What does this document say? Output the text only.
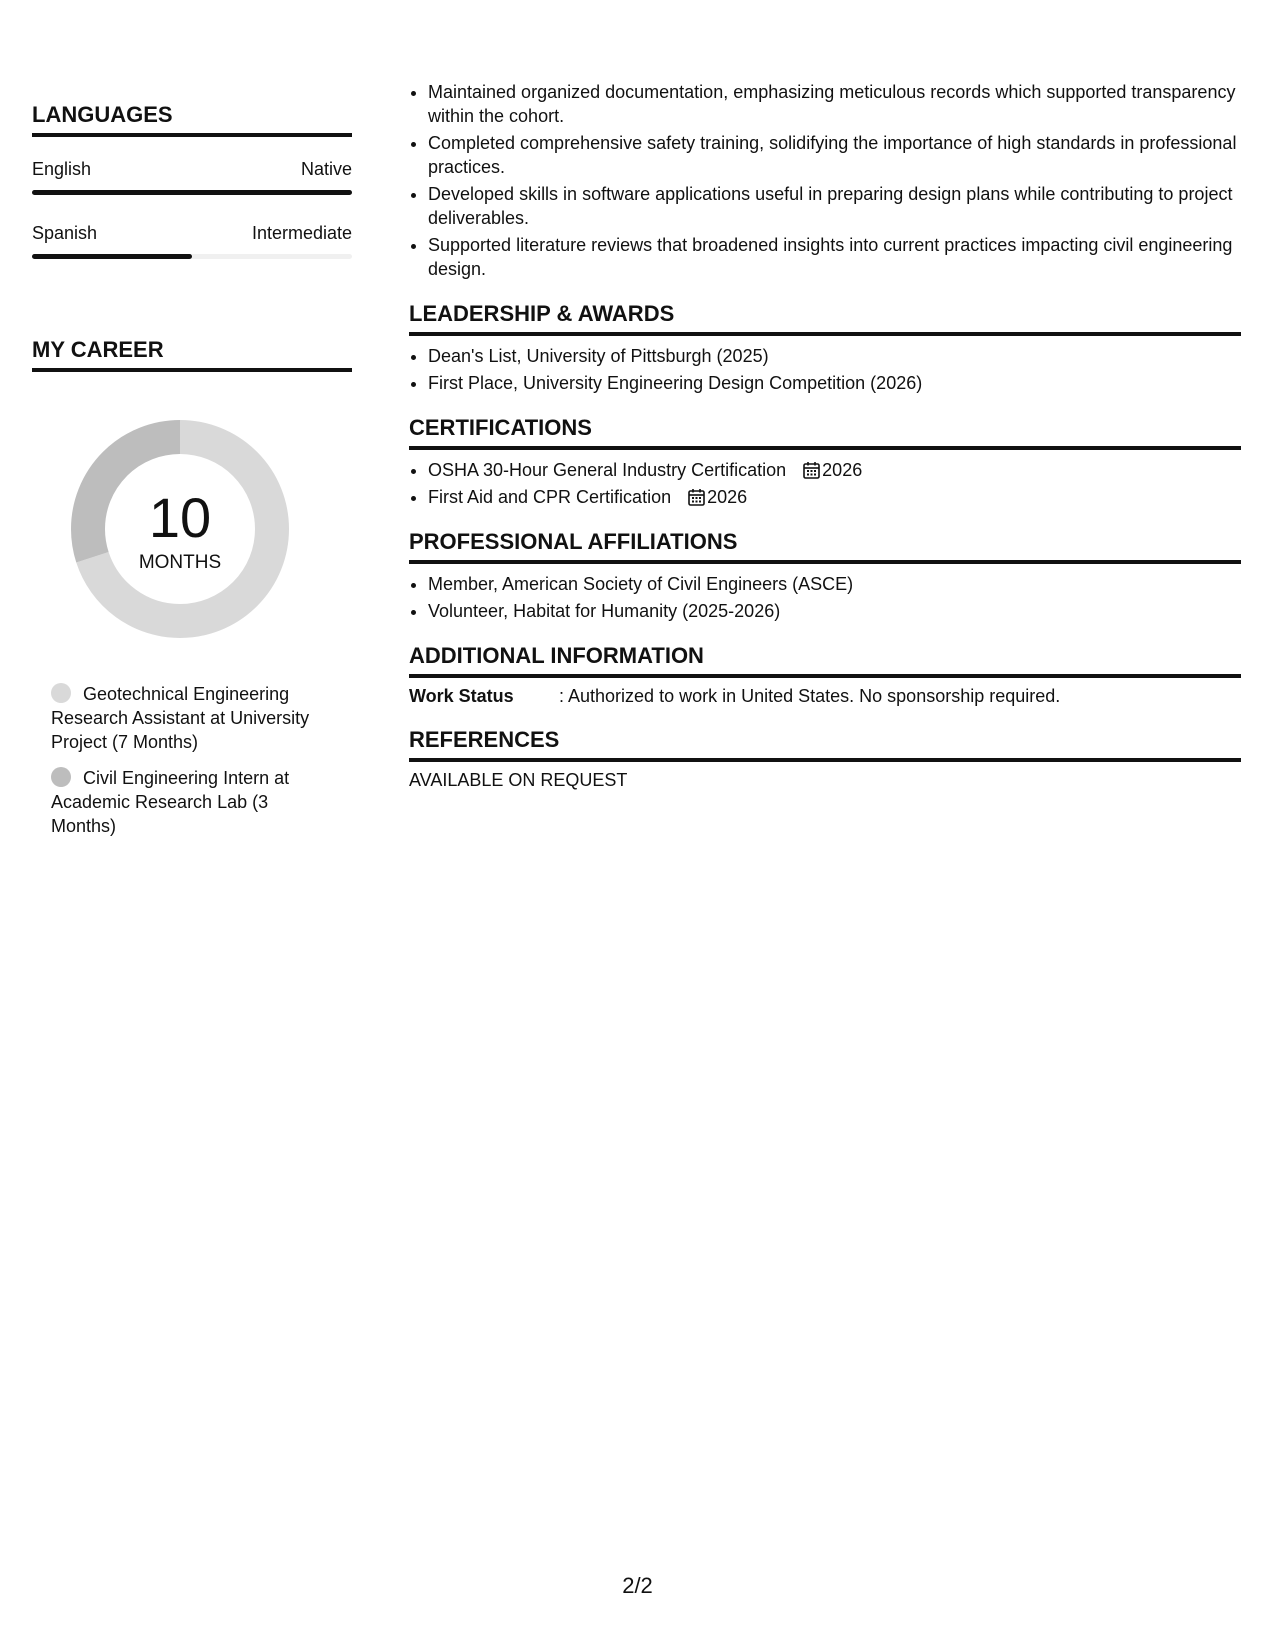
LANGUAGES
English	Native
Spanish	Intermediate
MY CAREER
10
MONTHS
Geotechnical Engineering Research Assistant at University Project (7 Months)
Civil Engineering Intern at Academic Research Lab (3 Months)
• Maintained organized documentation, emphasizing meticulous records which supported transparency within the cohort.
• Completed comprehensive safety training, solidifying the importance of high standards in professional practices.
• Developed skills in software applications useful in preparing design plans while contributing to project deliverables.
• Supported literature reviews that broadened insights into current practices impacting civil engineering design.
LEADERSHIP & AWARDS
• Dean's List, University of Pittsburgh (2025)
• First Place, University Engineering Design Competition (2026)
CERTIFICATIONS
• OSHA 30-Hour General Industry Certification 2026
• First Aid and CPR Certification 2026
PROFESSIONAL AFFILIATIONS
• Member, American Society of Civil Engineers (ASCE)
• Volunteer, Habitat for Humanity (2025-2026)
ADDITIONAL INFORMATION
Work Status	: Authorized to work in United States. No sponsorship required.
REFERENCES
AVAILABLE ON REQUEST
2/2
